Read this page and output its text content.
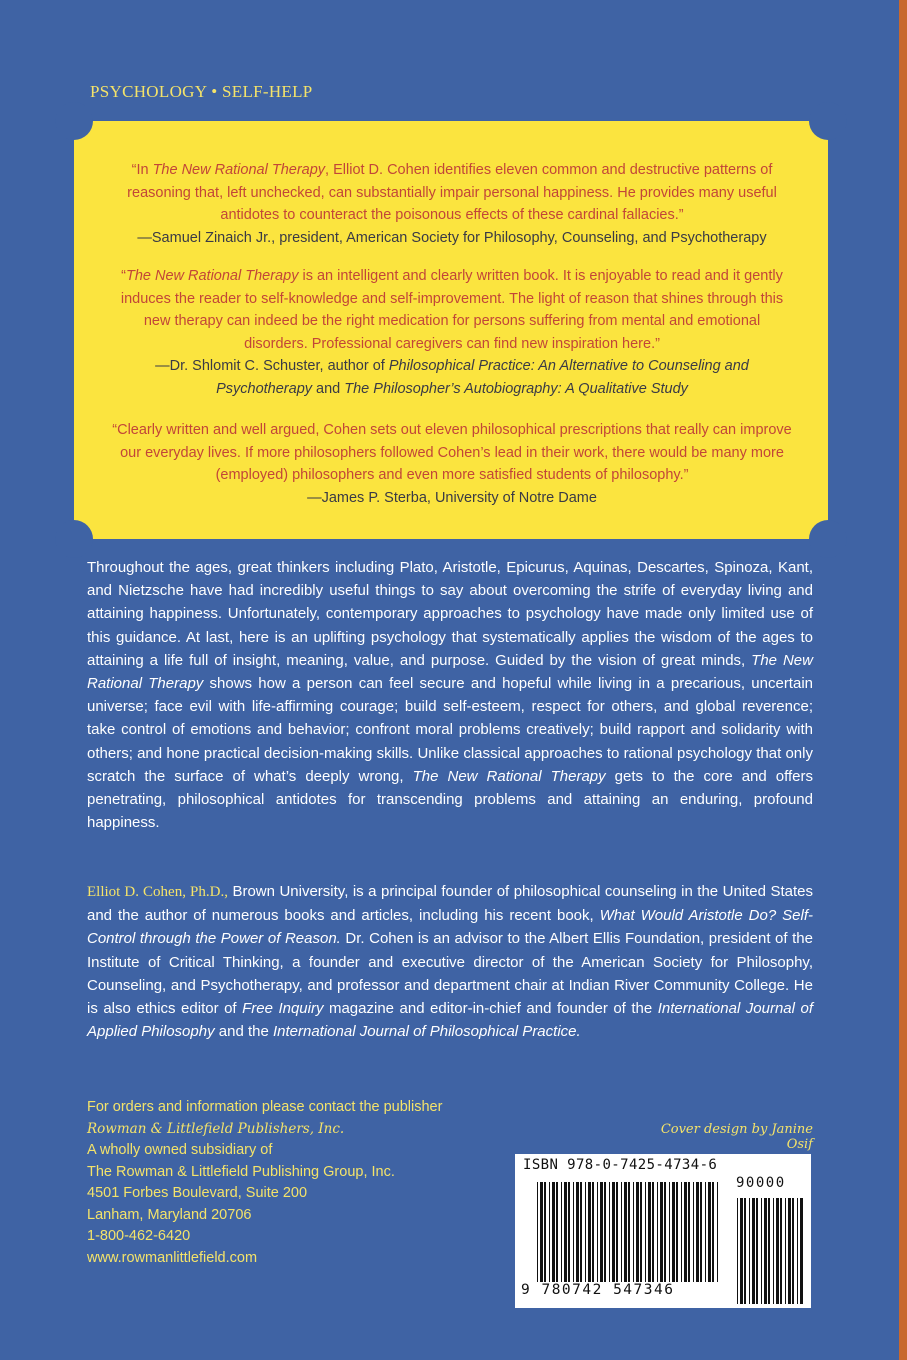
PSYCHOLOGY • SELF-HELP
“In The New Rational Therapy, Elliot D. Cohen identifies eleven common and destructive patterns of reasoning that, left unchecked, can substantially impair personal happiness. He provides many useful antidotes to counteract the poisonous effects of these cardinal fallacies.”
—Samuel Zinaich Jr., president, American Society for Philosophy, Counseling, and Psychotherapy
“The New Rational Therapy is an intelligent and clearly written book. It is enjoyable to read and it gently induces the reader to self-knowledge and self-improvement. The light of reason that shines through this new therapy can indeed be the right medication for persons suffering from mental and emotional disorders. Professional caregivers can find new inspiration here.”
—Dr. Shlomit C. Schuster, author of Philosophical Practice: An Alternative to Counseling and Psychotherapy and The Philosopher’s Autobiography: A Qualitative Study
“Clearly written and well argued, Cohen sets out eleven philosophical prescriptions that really can improve our everyday lives. If more philosophers followed Cohen’s lead in their work, there would be many more (employed) philosophers and even more satisfied students of philosophy.”
—James P. Sterba, University of Notre Dame
Throughout the ages, great thinkers including Plato, Aristotle, Epicurus, Aquinas, Descartes, Spinoza, Kant, and Nietzsche have had incredibly useful things to say about overcoming the strife of everyday living and attaining happiness. Unfortunately, contemporary approaches to psychology have made only limited use of this guidance. At last, here is an uplifting psychology that systematically applies the wisdom of the ages to attaining a life full of insight, meaning, value, and purpose. Guided by the vision of great minds, The New Rational Therapy shows how a person can feel secure and hopeful while living in a precarious, uncertain universe; face evil with life-affirming courage; build self-esteem, respect for others, and global reverence; take control of emotions and behavior; confront moral problems creatively; build rapport and solidarity with others; and hone practical decision-making skills. Unlike classical approaches to rational psychology that only scratch the surface of what’s deeply wrong, The New Rational Therapy gets to the core and offers penetrating, philosophical antidotes for transcending problems and attaining an enduring, profound happiness.
Elliot D. Cohen, Ph.D., Brown University, is a principal founder of philosophical counseling in the United States and the author of numerous books and articles, including his recent book, What Would Aristotle Do? Self-Control through the Power of Reason. Dr. Cohen is an advisor to the Albert Ellis Foundation, president of the Institute of Critical Thinking, a founder and executive director of the American Society for Philosophy, Counseling, and Psychotherapy, and professor and department chair at Indian River Community College. He is also ethics editor of Free Inquiry magazine and editor-in-chief and founder of the International Journal of Applied Philosophy and the International Journal of Philosophical Practice.
For orders and information please contact the publisher
Rowman & Littlefield Publishers, Inc.
A wholly owned subsidiary of
The Rowman & Littlefield Publishing Group, Inc.
4501 Forbes Boulevard, Suite 200
Lanham, Maryland 20706
1-800-462-6420
www.rowmanlittlefield.com
Cover design by Janine Osif
ISBN 978-0-7425-4734-6
90000
9 780742 547346
